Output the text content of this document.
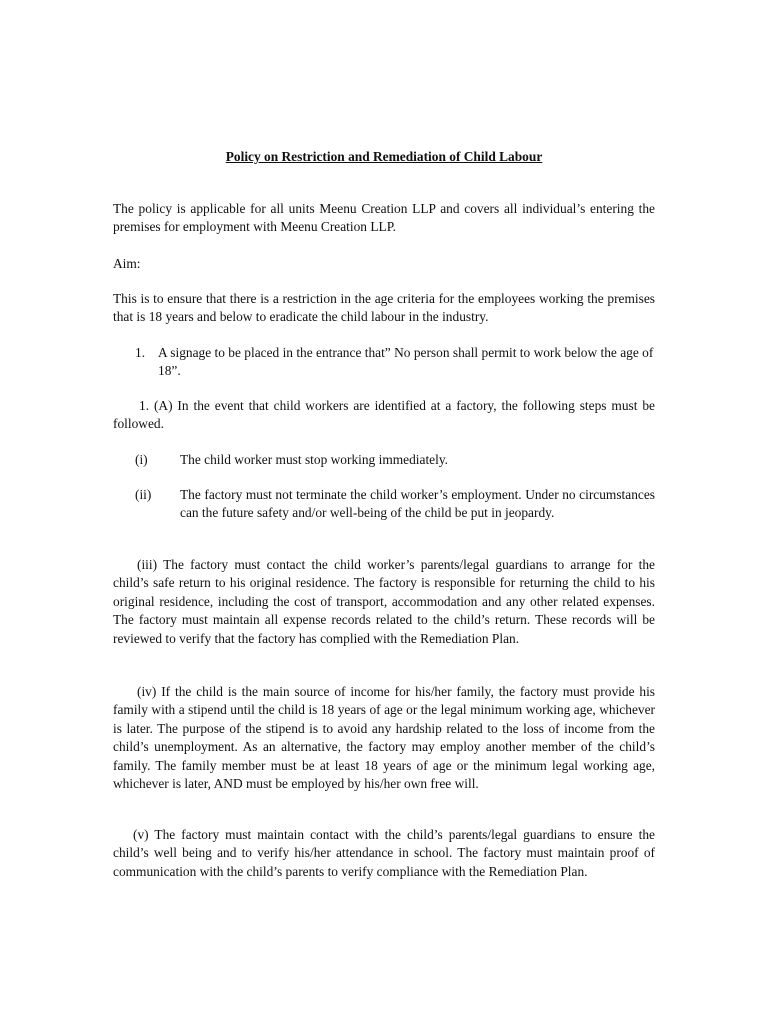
Policy on Restriction and Remediation of Child Labour
The policy is applicable for all units Meenu Creation LLP and covers all individual’s entering the premises for employment with Meenu Creation LLP.
Aim:
This is to ensure that there is a restriction in the age criteria for the employees working the premises that is 18 years and below to eradicate the child labour in the industry.
1. A signage to be placed in the entrance that” No person shall permit to work below the age of 18”.
1. (A) In the event that child workers are identified at a factory, the following steps must be followed.
(i) The child worker must stop working immediately.
(ii) The factory must not terminate the child worker’s employment. Under no circumstances can the future safety and/or well-being of the child be put in jeopardy.
(iii) The factory must contact the child worker’s parents/legal guardians to arrange for the child’s safe return to his original residence. The factory is responsible for returning the child to his original residence, including the cost of transport, accommodation and any other related expenses. The factory must maintain all expense records related to the child’s return. These records will be reviewed to verify that the factory has complied with the Remediation Plan.
(iv) If the child is the main source of income for his/her family, the factory must provide his family with a stipend until the child is 18 years of age or the legal minimum working age, whichever is later. The purpose of the stipend is to avoid any hardship related to the loss of income from the child’s unemployment. As an alternative, the factory may employ another member of the child’s family. The family member must be at least 18 years of age or the minimum legal working age, whichever is later, AND must be employed by his/her own free will.
(v) The factory must maintain contact with the child’s parents/legal guardians to ensure the child’s well being and to verify his/her attendance in school. The factory must maintain proof of communication with the child’s parents to verify compliance with the Remediation Plan.
